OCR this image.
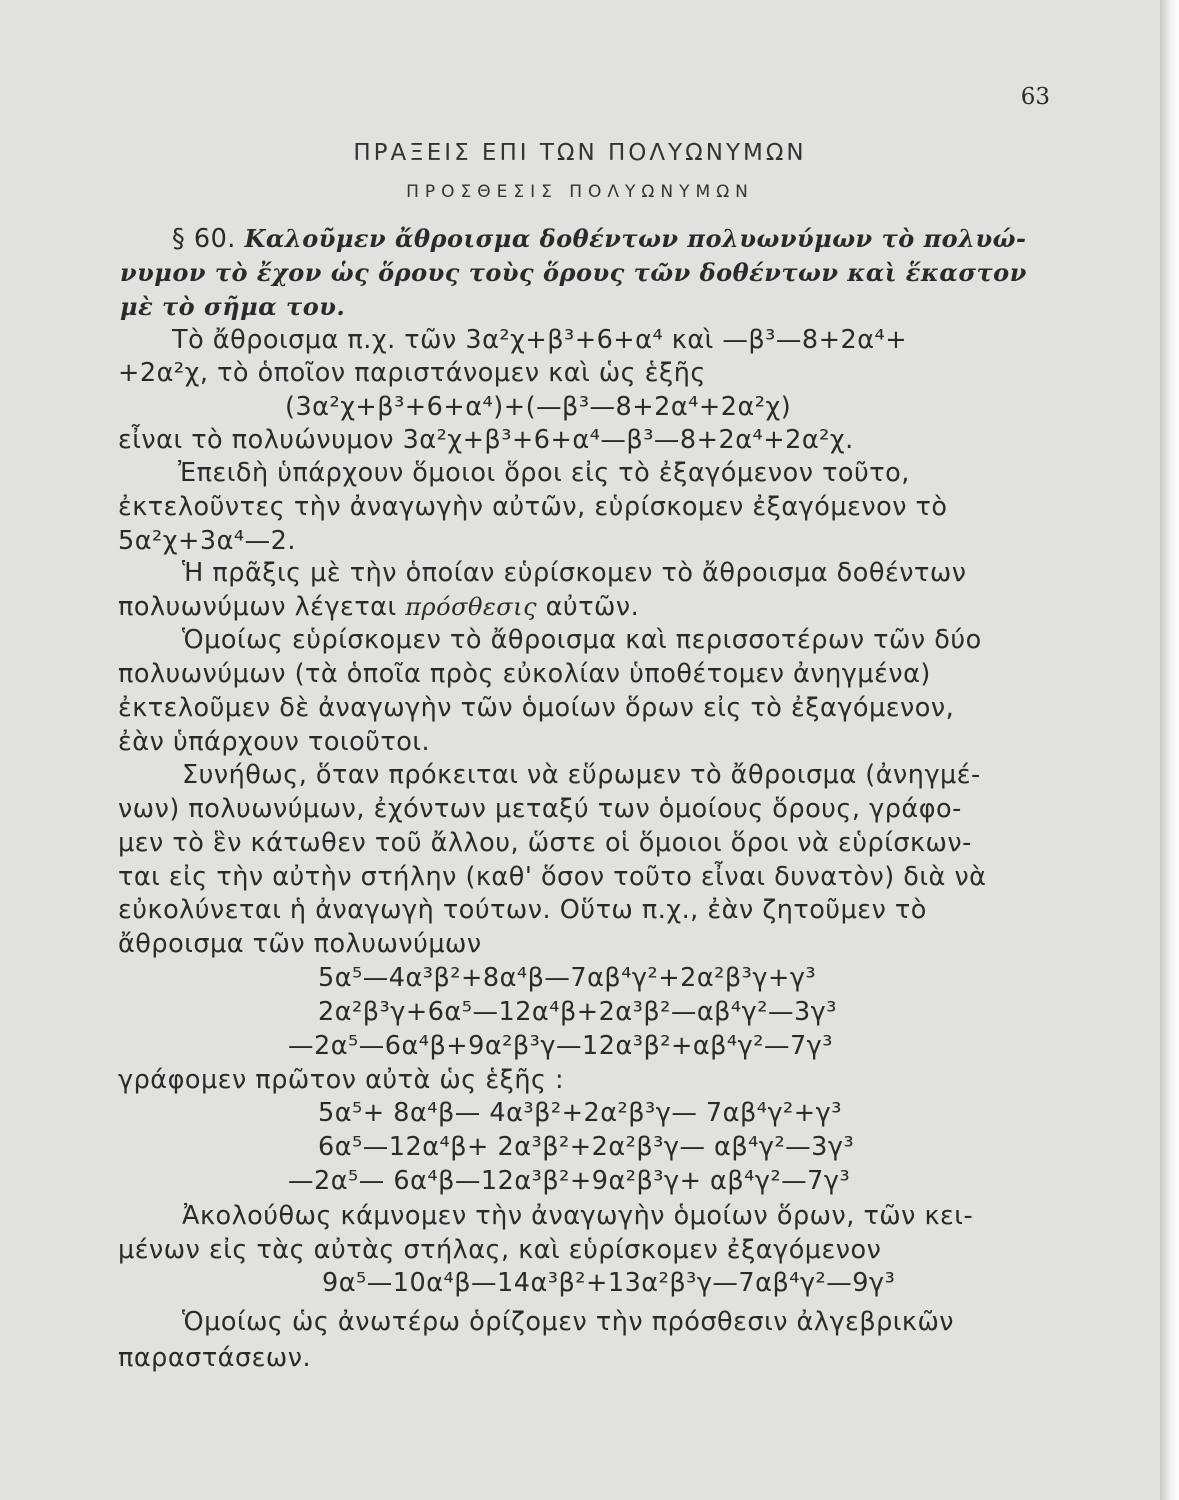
63
ΠΡΑΞΕΙΣ ΕΠΙ ΤΩΝ ΠΟΛΥΩΝΥΜΩΝ
ΠΡΟΣΘΕΣΙΣ ΠΟΛΥΩΝΥΜΩΝ
§ 60. Καλοῦμεν ἄθροισμα δοθέντων πολυωνύμων τὸ πολυώ-
νυμον τὸ ἔχον ὡς ὅρους τοὺς ὅρους τῶν δοθέντων καὶ ἕκαστον
μὲ τὸ σῆμα του.
Τὸ ἄθροισμα π.χ. τῶν 3α²χ+β³+6+α⁴ καὶ —β³—8+2α⁴+
+2α²χ, τὸ ὁποῖον παριστάνομεν καὶ ὡς ἑξῆς
(3α²χ+β³+6+α⁴)+(—β³—8+2α⁴+2α²χ)
εἶναι τὸ πολυώνυμον 3α²χ+β³+6+α⁴—β³—8+2α⁴+2α²χ.
Ἐπειδὴ ὑπάρχουν ὅμοιοι ὅροι εἰς τὸ ἐξαγόμενον τοῦτο,
ἐκτελοῦντες τὴν ἀναγωγὴν αὐτῶν, εὑρίσκομεν ἐξαγόμενον τὸ
5α²χ+3α⁴—2.
Ἡ πρᾶξις μὲ τὴν ὁποίαν εὑρίσκομεν τὸ ἄθροισμα δοθέντων
πολυωνύμων λέγεται πρόσθεσις αὐτῶν.
Ὁμοίως εὑρίσκομεν τὸ ἄθροισμα καὶ περισσοτέρων τῶν δύο
πολυωνύμων (τὰ ὁποῖα πρὸς εὐκολίαν ὑποθέτομεν ἀνηγμένα)
ἐκτελοῦμεν δὲ ἀναγωγὴν τῶν ὁμοίων ὅρων εἰς τὸ ἐξαγόμενον,
ἐὰν ὑπάρχουν τοιοῦτοι.
Συνήθως, ὅταν πρόκειται νὰ εὕρωμεν τὸ ἄθροισμα (ἀνηγμέ-
νων) πολυωνύμων, ἐχόντων μεταξύ των ὁμοίους ὅρους, γράφο-
μεν τὸ ἓν κάτωθεν τοῦ ἄλλου, ὥστε οἱ ὅμοιοι ὅροι νὰ εὑρίσκων-
ται εἰς τὴν αὐτὴν στήλην (καθ' ὅσον τοῦτο εἶναι δυνατὸν) διὰ νὰ
εὐκολύνεται ἡ ἀναγωγὴ τούτων. Οὕτω π.χ., ἐὰν ζητοῦμεν τὸ
ἄθροισμα τῶν πολυωνύμων
5α⁵—4α³β²+8α⁴β—7αβ⁴γ²+2α²β³γ+γ³
2α²β³γ+6α⁵—12α⁴β+2α³β²—αβ⁴γ²—3γ³
—2α⁵—6α⁴β+9α²β³γ—12α³β²+αβ⁴γ²—7γ³
γράφομεν πρῶτον αὐτὰ ὡς ἑξῆς :
5α⁵+ 8α⁴β— 4α³β²+2α²β³γ— 7αβ⁴γ²+γ³
6α⁵—12α⁴β+ 2α³β²+2α²β³γ— αβ⁴γ²—3γ³
—2α⁵— 6α⁴β—12α³β²+9α²β³γ+ αβ⁴γ²—7γ³
Ἀκολούθως κάμνομεν τὴν ἀναγωγὴν ὁμοίων ὅρων, τῶν κει-
μένων εἰς τὰς αὐτὰς στήλας, καὶ εὑρίσκομεν ἐξαγόμενον
9α⁵—10α⁴β—14α³β²+13α²β³γ—7αβ⁴γ²—9γ³
Ὁμοίως ὡς ἀνωτέρω ὁρίζομεν τὴν πρόσθεσιν ἀλγεβρικῶν
παραστάσεων.
